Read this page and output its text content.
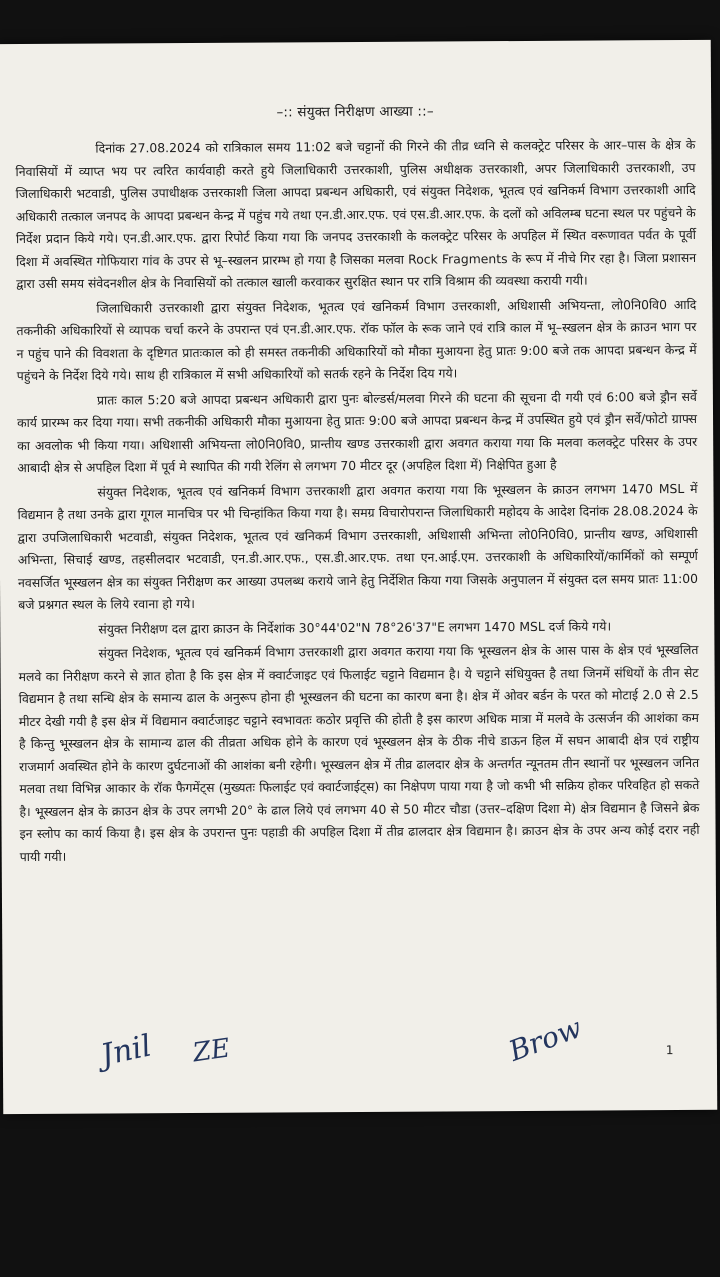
–:: संयुक्त निरीक्षण आख्या ::–

दिनांक 27.08.2024 को रात्रिकाल समय 11:02 बजे चट्टानों की गिरने की तीव्र ध्वनि से कलक्ट्रेट परिसर के आर–पास के क्षेत्र के निवासियों में व्याप्त भय पर त्वरित कार्यवाही करते हुये जिलाधिकारी उत्तरकाशी, पुलिस अधीक्षक उत्तरकाशी, अपर जिलाधिकारी उत्तरकाशी, उप जिलाधिकारी भटवाडी, पुलिस उपाधीक्षक उत्तरकाशी जिला आपदा प्रबन्धन अधिकारी, एवं संयुक्त निदेशक, भूतत्व एवं खनिकर्म विभाग उत्तरकाशी आदि अधिकारी तत्काल जनपद के आपदा प्रबन्धन केन्द्र में पहुंच गये तथा एन.डी.आर.एफ. एवं एस.डी.आर.एफ. के दलों को अविलम्ब घटना स्थल पर पहुंचने के निर्देश प्रदान किये गये। एन.डी.आर.एफ. द्वारा रिपोर्ट किया गया कि जनपद उत्तरकाशी के कलक्ट्रेट परिसर के अपहिल में स्थित वरूणावत पर्वत के पूर्वी दिशा में अवस्थित गोफियारा गांव के उपर से भू–स्खलन प्रारम्भ हो गया है जिसका मलवा Rock Fragments के रूप में नीचे गिर रहा है। जिला प्रशासन द्वारा उसी समय संवेदनशील क्षेत्र के निवासियों को तत्काल खाली करवाकर सुरक्षित स्थान पर रात्रि विश्राम की व्यवस्था करायी गयी।

जिलाधिकारी उत्तरकाशी द्वारा संयुक्त निदेशक, भूतत्व एवं खनिकर्म विभाग उत्तरकाशी, अधिशासी अभियन्ता, लो0नि0वि0 आदि तकनीकी अधिकारियों से व्यापक चर्चा करने के उपरान्त एवं एन.डी.आर.एफ. रॉक फॉल के रूक जाने एवं रात्रि काल में भू–स्खलन क्षेत्र के क्राउन भाग पर न पहुंच पाने की विवशता के दृष्टिगत प्रातःकाल को ही समस्त तकनीकी अधिकारियों को मौका मुआयना हेतु प्रातः 9:00 बजे तक आपदा प्रबन्धन केन्द्र में पहुंचने के निर्देश दिये गये। साथ ही रात्रिकाल में सभी अधिकारियों को सतर्क रहने के निर्देश दिय गये।

प्रातः काल 5:20 बजे आपदा प्रबन्धन अधिकारी द्वारा पुनः बोल्डर्स/मलवा गिरने की घटना की सूचना दी गयी एवं 6:00 बजे ड्रौन सर्वे कार्य प्रारम्भ कर दिया गया। सभी तकनीकी अधिकारी मौका मुआयना हेतु प्रातः 9:00 बजे आपदा प्रबन्धन केन्द्र में उपस्थित हुये एवं ड्रौन सर्वे/फोटो ग्राफ्स का अवलोक भी किया गया। अधिशासी अभियन्ता लो0नि0वि0, प्रान्तीय खण्ड उत्तरकाशी द्वारा अवगत कराया गया कि मलवा कलक्ट्रेट परिसर के उपर आबादी क्षेत्र से अपहिल दिशा में पूर्व मे स्थापित की गयी रेलिंग से लगभग 70 मीटर दूर (अपहिल दिशा में) निक्षेपित हुआ है

संयुक्त निदेशक, भूतत्व एवं खनिकर्म विभाग उत्तरकाशी द्वारा अवगत कराया गया कि भूस्खलन के क्राउन लगभग 1470 MSL में विद्यमान है तथा उनके द्वारा गूगल मानचित्र पर भी चिन्हांकित किया गया है। समग्र विचारोपरान्त जिलाधिकारी महोदय के आदेश दिनांक 28.08.2024 के द्वारा उपजिलाधिकारी भटवाडी, संयुक्त निदेशक, भूतत्व एवं खनिकर्म विभाग उत्तरकाशी, अधिशासी अभिन्ता लो0नि0वि0, प्रान्तीय खण्ड, अधिशासी अभिन्ता, सिचाई खण्ड, तहसीलदार भटवाडी, एन.डी.आर.एफ., एस.डी.आर.एफ. तथा एन.आई.एम. उत्तरकाशी के अधिकारियों/कार्मिकों को सम्पूर्ण नवसर्जित भूस्खलन क्षेत्र का संयुक्त निरीक्षण कर आख्या उपलब्ध कराये जाने हेतु निर्देशित किया गया जिसके अनुपालन में संयुक्त दल समय प्रातः 11:00 बजे प्रश्नगत स्थल के लिये रवाना हो गये।

संयुक्त निरीक्षण दल द्वारा क्राउन के निर्देशांक 30°44'02"N 78°26'37"E लगभग 1470 MSL दर्ज किये गये।

संयुक्त निदेशक, भूतत्व एवं खनिकर्म विभाग उत्तरकाशी द्वारा अवगत कराया गया कि भूस्खलन क्षेत्र के आस पास के क्षेत्र एवं भूस्खलित मलवे का निरीक्षण करने से ज्ञात होता है कि इस क्षेत्र में क्वार्टजाइट एवं फिलाईट चट्टाने विद्यमान है। ये चट्टाने संधियुक्त है तथा जिनमें संधियों के तीन सेट विद्यमान है तथा सन्धि क्षेत्र के समान्य ढाल के अनुरूप होना ही भूस्खलन की घटना का कारण बना है। क्षेत्र में ओवर बर्डन के परत को मोटाई 2.0 से 2.5 मीटर देखी गयी है इस क्षेत्र में विद्यमान क्वार्टजाइट चट्टाने स्वभावतः कठोर प्रवृत्ति की होती है इस कारण अधिक मात्रा में मलवे के उत्सर्जन की आशंका कम है किन्तु भूस्खलन क्षेत्र के सामान्य ढाल की तीव्रता अधिक होने के कारण एवं भूस्खलन क्षेत्र के ठीक नीचे डाऊन हिल में सघन आबादी क्षेत्र एवं राष्ट्रीय राजमार्ग अवस्थित होने के कारण दुर्घटनाओं की आशंका बनी रहेगी। भूस्खलन क्षेत्र में तीव्र ढालदार क्षेत्र के अन्तर्गत न्यूनतम तीन स्थानों पर भूस्खलन जनित मलवा तथा विभिन्न आकार के रॉक फैगमेंट्स (मुख्यतः फिलाईट एवं क्वार्टजाईट्स) का निक्षेपण पाया गया है जो कभी भी सक्रिय होकर परिवहित हो सकते है। भूस्खलन क्षेत्र के क्राउन क्षेत्र के उपर लगभी 20° के ढाल लिये एवं लगभग 40 से 50 मीटर चौडा (उत्तर–दक्षिण दिशा मे) क्षेत्र विद्यमान है जिसने ब्रेक इन स्लोप का कार्य किया है। इस क्षेत्र के उपरान्त पुनः पहाडी की अपहिल दिशा में तीव्र ढालदार क्षेत्र विद्यमान है। क्राउन क्षेत्र के उपर अन्य कोई दरार नही पायी गयी।

Jnil ZE	Brow	1
